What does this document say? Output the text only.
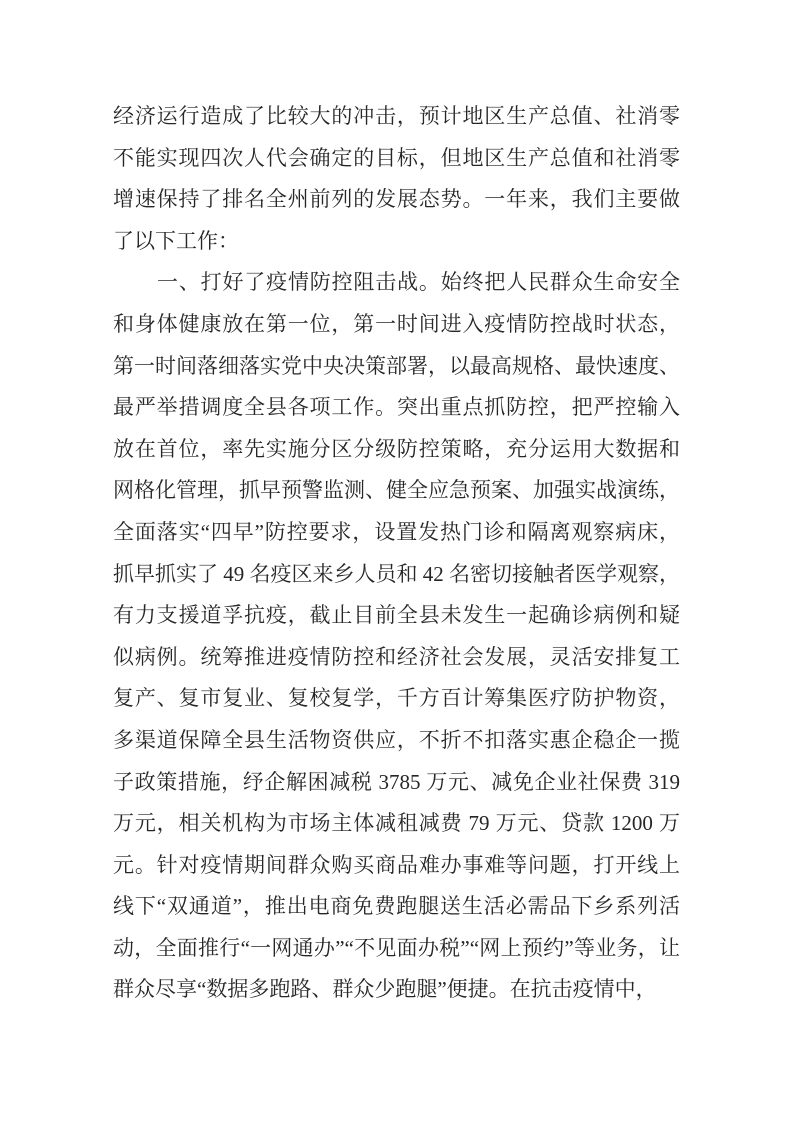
经济运行造成了比较大的冲击，预计地区生产总值、社消零

不能实现四次人代会确定的目标，但地区生产总值和社消零

增速保持了排名全州前列的发展态势。一年来，我们主要做

了以下工作：

一、打好了疫情防控阻击战。始终把人民群众生命安全

和身体健康放在第一位，第一时间进入疫情防控战时状态，

第一时间落细落实党中央决策部署，以最高规格、最快速度、

最严举措调度全县各项工作。突出重点抓防控，把严控输入

放在首位，率先实施分区分级防控策略，充分运用大数据和

网格化管理，抓早预警监测、健全应急预案、加强实战演练，

全面落实“四早”防控要求，设置发热门诊和隔离观察病床，

抓早抓实了 49 名疫区来乡人员和 42 名密切接触者医学观察，

有力支援道孚抗疫，截止目前全县未发生一起确诊病例和疑

似病例。统筹推进疫情防控和经济社会发展，灵活安排复工

复产、复市复业、复校复学，千方百计筹集医疗防护物资，

多渠道保障全县生活物资供应，不折不扣落实惠企稳企一揽

子政策措施，纾企解困减税 3785 万元、减免企业社保费 319

万元，相关机构为市场主体减租减费 79 万元、贷款 1200 万

元。针对疫情期间群众购买商品难办事难等问题，打开线上

线下“双通道”，推出电商免费跑腿送生活必需品下乡系列活

动，全面推行“一网通办”“不见面办税”“网上预约”等业务，让

群众尽享“数据多跑路、群众少跑腿”便捷。在抗击疫情中，
